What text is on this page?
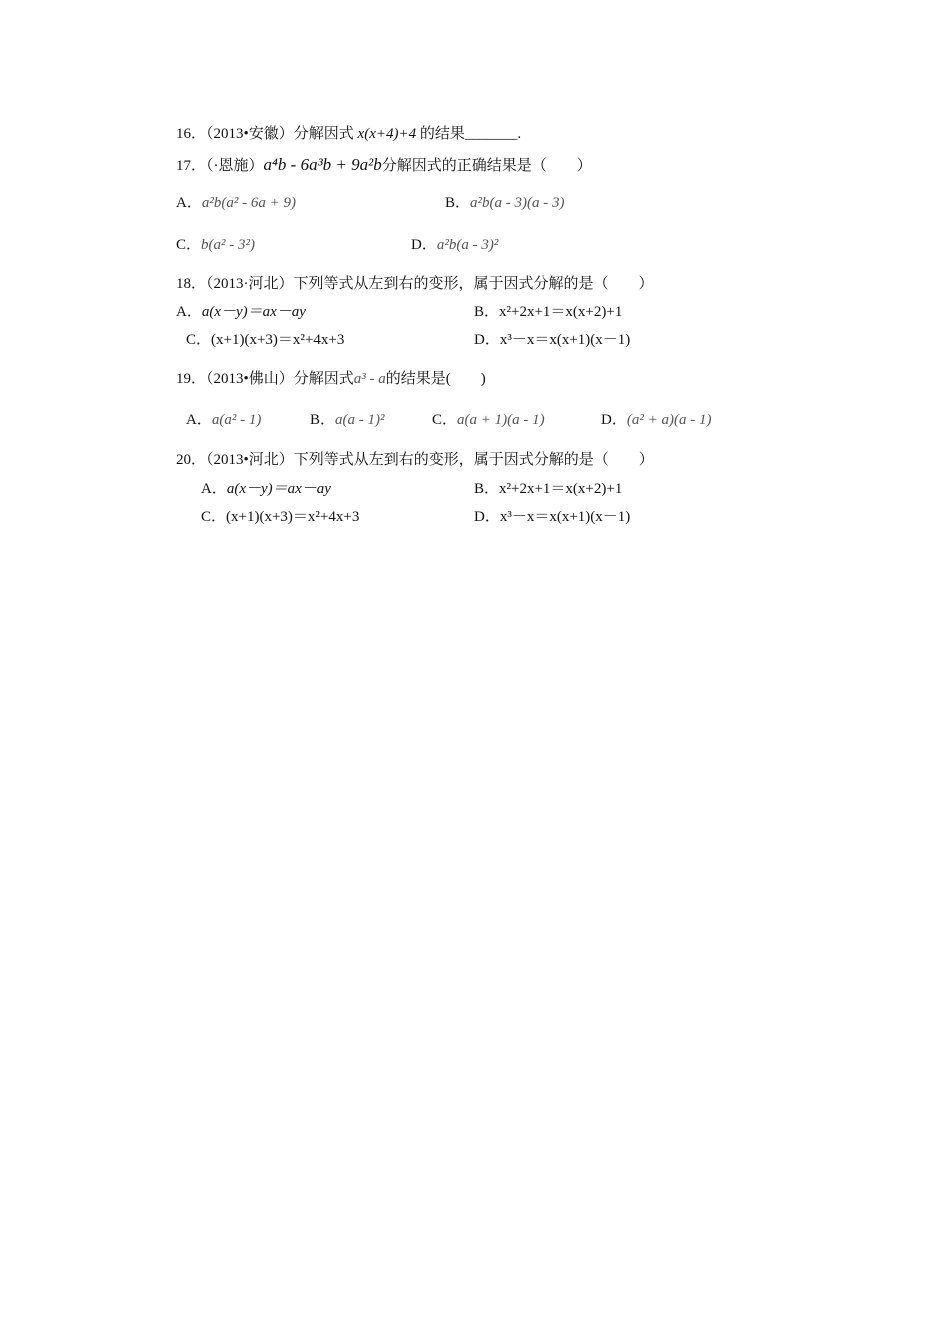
16．（2013•安徽）分解因式 x(x+4)+4 的结果_______.
17．（·恩施）a⁴b - 6a³b + 9a²b分解因式的正确结果是（　　）
A．a²b(a² - 6a + 9)	B．a²b(a - 3)(a - 3)
C．b(a² - 3²)	D．a²b(a - 3)²
18．（2013·河北）下列等式从左到右的变形，属于因式分解的是（　　）
A．a(x－y)＝ax－ay	B．x²+2x+1＝x(x+2)+1
C．(x+1)(x+3)＝x²+4x+3	D．x³－x＝x(x+1)(x－1)
19．（2013•佛山）分解因式a³ - a的结果是(　　)
A．a(a² - 1)	B．a(a - 1)²	C．a(a + 1)(a - 1)	D．(a² + a)(a - 1)
20．（2013•河北）下列等式从左到右的变形，属于因式分解的是（　　）
A．a(x－y)＝ax－ay	B．x²+2x+1＝x(x+2)+1
C．(x+1)(x+3)＝x²+4x+3	D．x³－x＝x(x+1)(x－1)
